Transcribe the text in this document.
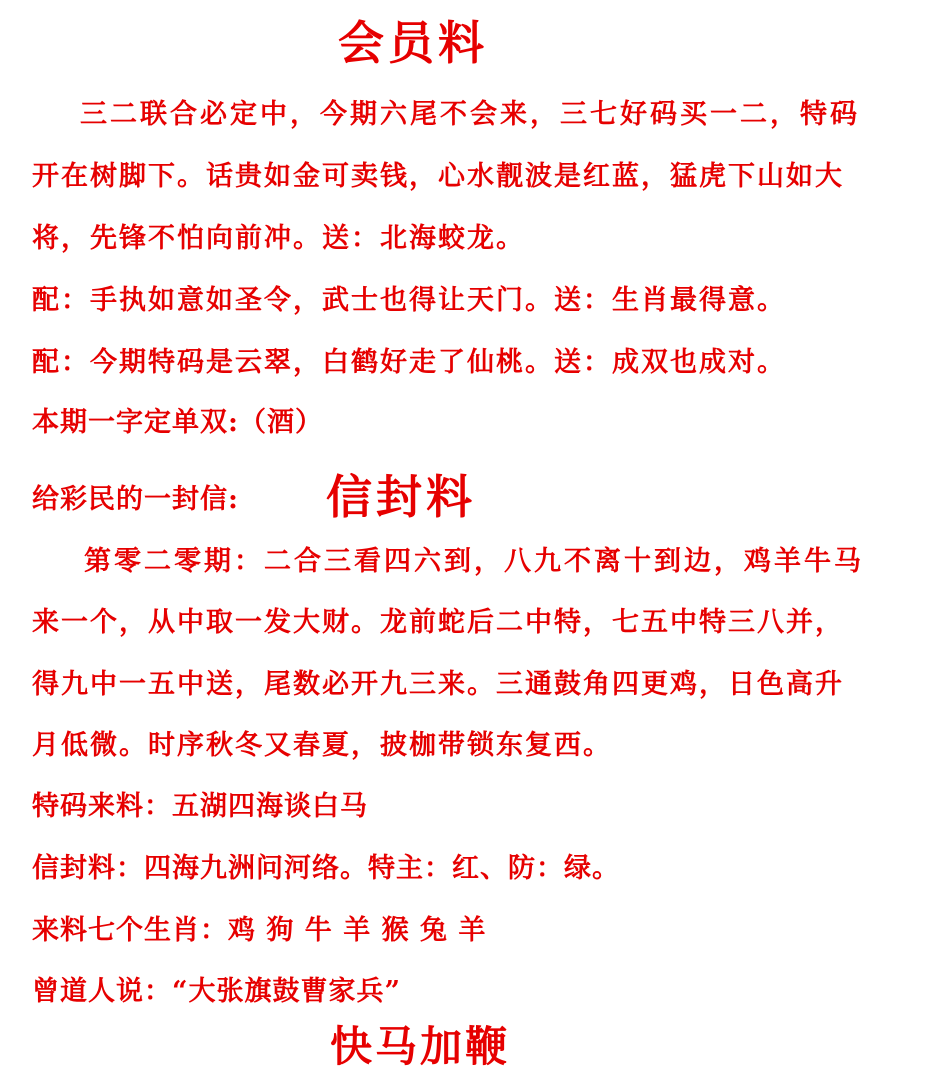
会员料
三二联合必定中，今期六尾不会来，三七好码买一二，特码
开在树脚下。话贵如金可卖钱，心水靓波是红蓝，猛虎下山如大
将，先锋不怕向前冲。送：北海蛟龙。
配：手执如意如圣令，武士也得让天门。送：生肖最得意。
配：今期特码是云翠，白鹤好走了仙桃。送：成双也成对。
本期一字定单双:（酒）
给彩民的一封信: 信封料
第零二零期：二合三看四六到，八九不离十到边，鸡羊牛马
来一个，从中取一发大财。龙前蛇后二中特，七五中特三八并，
得九中一五中送，尾数必开九三来。三通鼓角四更鸡，日色高升
月低微。时序秋冬又春夏，披枷带锁东复西。
特码来料：五湖四海谈白马
信封料：四海九洲问河络。特主：红、防：绿。
来料七个生肖：鸡 狗 牛 羊 猴 兔 羊
曾道人说：“大张旗鼓曹家兵”
快马加鞭
